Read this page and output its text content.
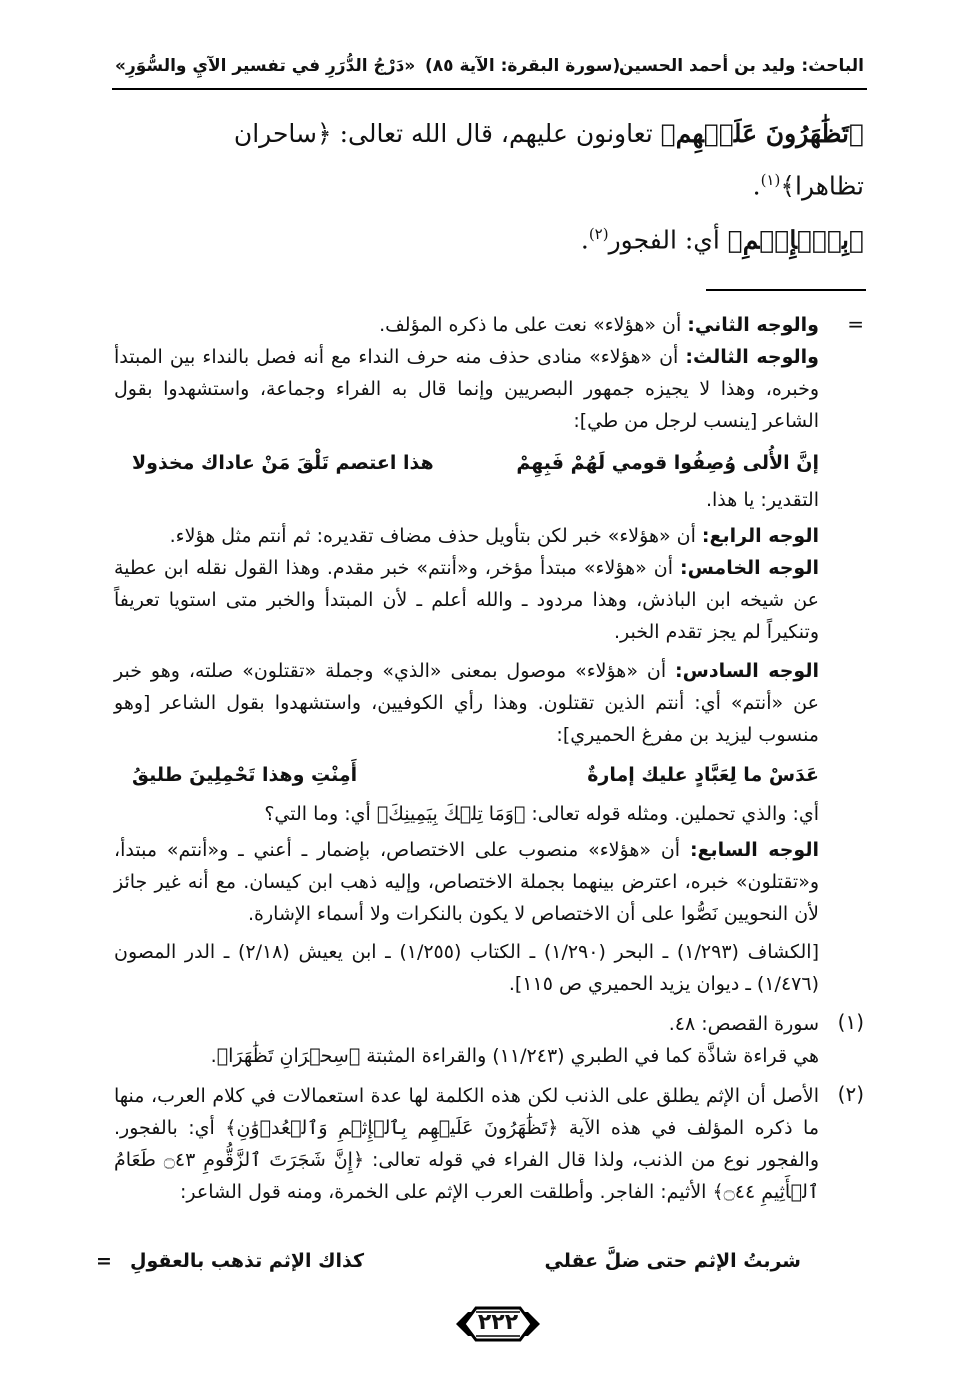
الباحث: وليد بن أحمد الحسين
(سورة البقرة: الآية ٨٥)
«دَرْجُ الدُّرَرِ في تفسير الآيِ والسُّوَرِ»
﴿تَظَٰهَرُونَ عَلَيۡهِم﴾ تعاونون عليهم، قال الله تعالى: ﴿ساحران
تظاهرا﴾$^{(١)}$.
﴿بِٱلۡإِثۡمِ﴾ أي: الفجور$^{(٢)}$.
=
والوجه الثاني: أن «هؤلاء» نعت على ما ذكره المؤلف.
والوجه الثالث: أن «هؤلاء» منادى حذف منه حرف النداء مع أنه فصل بالنداء بين المبتدأ وخبره، وهذا لا يجيزه جمهور البصريين وإنما قال به الفراء وجماعة، واستشهدوا بقول الشاعر [ينسب لرجل من طي]:
إنَّ الأُلى وُصِفُوا قومي لَهُمْ فَبِهِمْ
هذا اعتصم تَلْقَ مَنْ عاداك مخذولا
التقدير: يا هذا.
الوجه الرابع: أن «هؤلاء» خبر لكن بتأويل حذف مضاف تقديره: ثم أنتم مثل هؤلاء.
الوجه الخامس: أن «هؤلاء» مبتدأ مؤخر، و«أنتم» خبر مقدم. وهذا القول نقله ابن عطية عن شيخه ابن الباذش، وهذا مردود ـ والله أعلم ـ لأن المبتدأ والخبر متى استويا تعريفاً وتنكيراً لم يجز تقدم الخبر.
الوجه السادس: أن «هؤلاء» موصول بمعنى «الذي» وجملة «تقتلون» صلته، وهو خبر عن «أنتم» أي: أنتم الذين تقتلون. وهذا رأي الكوفيين، واستشهدوا بقول الشاعر [وهو منسوب ليزيد بن مفرغ الحميري]:
عَدَسْ ما لِعَبَّادٍ عليك إمارةٌ
أَمِنْتِ وهذا تَحْمِلِينَ طليقُ
أي: والذي تحملين. ومثله قوله تعالى: ﴿وَمَا تِلۡكَ بِيَمِينِكَ﴾ أي: وما التي؟
الوجه السابع: أن «هؤلاء» منصوب على الاختصاص، بإضمار ـ أعني ـ و«أنتم» مبتدأ، و«تقتلون» خبره، اعترض بينهما بجملة الاختصاص، وإليه ذهب ابن كيسان. مع أنه غير جائز لأن النحويين نَصُّوا على أن الاختصاص لا يكون بالنكرات ولا أسماء الإشارة.
[الكشاف (١/٢٩٣) ـ البحر (١/٢٩٠) ـ الكتاب (١/٢٥٥) ـ ابن يعيش (٢/١٨) ـ الدر المصون (١/٤٧٦) ـ ديوان يزيد الحميري ص ١١٥].
(١)
سورة القصص: ٤٨.
هي قراءة شاذَّة كما في الطبري (١١/٢٤٣) والقراءة المثبتة ﴿سِحۡرَانِ تَظَٰهَرَا﴾.
(٢)
الأصل أن الإثم يطلق على الذنب لكن هذه الكلمة لها عدة استعمالات في كلام العرب، منها ما ذكره المؤلف في هذه الآية ﴿تَظَٰهَرُونَ عَلَيۡهِم بِٱلۡإِثۡمِ وَٱلۡعُدۡوَٰنِ﴾ أي: بالفجور. والفجور نوع من الذنب، ولذا قال الفراء في قوله تعالى: ﴿إِنَّ شَجَرَتَ ٱلزَّقُّومِ ۝٤٣ طَعَامُ ٱلۡأَثِيمِ ۝٤٤﴾ الأثيم: الفاجر. وأطلقت العرب الإثم على الخمرة، ومنه قول الشاعر:
شربتُ الإثم حتى ضلَّ عقلي
كذاك الإثم تذهب بالعقولِ
=
٢٢٢
